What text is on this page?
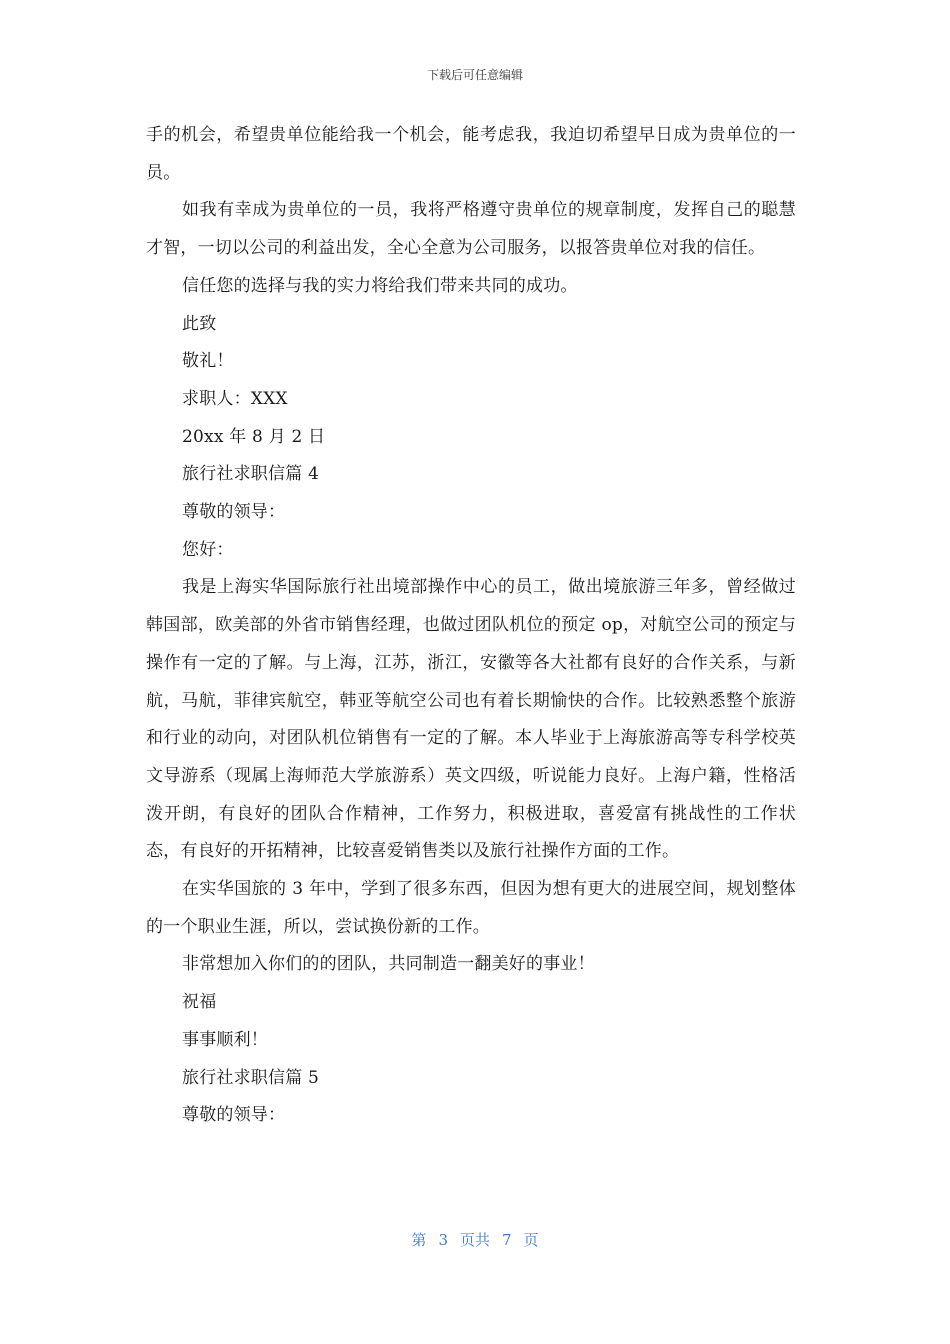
下载后可任意编辑

手的机会，希望贵单位能给我一个机会，能考虑我，我迫切希望早日成为贵单位的一员。

如我有幸成为贵单位的一员，我将严格遵守贵单位的规章制度，发挥自己的聪慧才智，一切以公司的利益出发，全心全意为公司服务，以报答贵单位对我的信任。

信任您的选择与我的实力将给我们带来共同的成功。

此致

敬礼！

求职人：XXX

20xx 年 8 月 2 日

旅行社求职信篇 4

尊敬的领导：

您好：

我是上海实华国际旅行社出境部操作中心的员工，做出境旅游三年多，曾经做过韩国部，欧美部的外省市销售经理，也做过团队机位的预定 op，对航空公司的预定与操作有一定的了解。与上海，江苏，浙江，安徽等各大社都有良好的合作关系，与新航，马航，菲律宾航空，韩亚等航空公司也有着长期愉快的合作。比较熟悉整个旅游和行业的动向，对团队机位销售有一定的了解。本人毕业于上海旅游高等专科学校英文导游系（现属上海师范大学旅游系）英文四级，听说能力良好。上海户籍，性格活泼开朗，有良好的团队合作精神，工作努力，积极进取，喜爱富有挑战性的工作状态，有良好的开拓精神，比较喜爱销售类以及旅行社操作方面的工作。

在实华国旅的 3 年中，学到了很多东西，但因为想有更大的进展空间，规划整体的一个职业生涯，所以，尝试换份新的工作。

非常想加入你们的的团队，共同制造一翻美好的事业！

祝福

事事顺利！

旅行社求职信篇 5

尊敬的领导：

第 3 页共 7 页
